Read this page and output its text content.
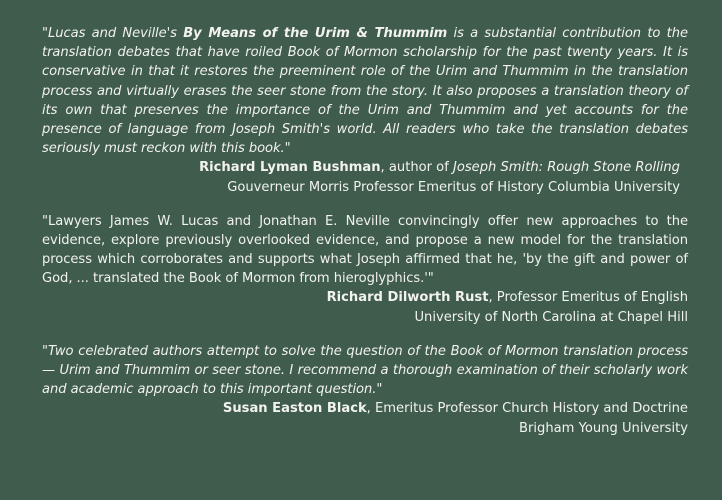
"Lucas and Neville's By Means of the Urim & Thummim is a substantial contribution to the translation debates that have roiled Book of Mormon scholarship for the past twenty years. It is conservative in that it restores the preeminent role of the Urim and Thummim in the translation process and virtually erases the seer stone from the story. It also proposes a translation theory of its own that preserves the importance of the Urim and Thummim and yet accounts for the presence of language from Joseph Smith's world. All readers who take the translation debates seriously must reckon with this book."

Richard Lyman Bushman, author of Joseph Smith: Rough Stone Rolling
Gouverneur Morris Professor Emeritus of History Columbia University

"Lawyers James W. Lucas and Jonathan E. Neville convincingly offer new approaches to the evidence, explore previously overlooked evidence, and propose a new model for the translation process which corroborates and supports what Joseph affirmed that he, 'by the gift and power of God, ... translated the Book of Mormon from hieroglyphics.'"

Richard Dilworth Rust, Professor Emeritus of English
University of North Carolina at Chapel Hill

"Two celebrated authors attempt to solve the question of the Book of Mormon translation process — Urim and Thummim or seer stone. I recommend a thorough examination of their scholarly work and academic approach to this important question."

Susan Easton Black, Emeritus Professor Church History and Doctrine
Brigham Young University
